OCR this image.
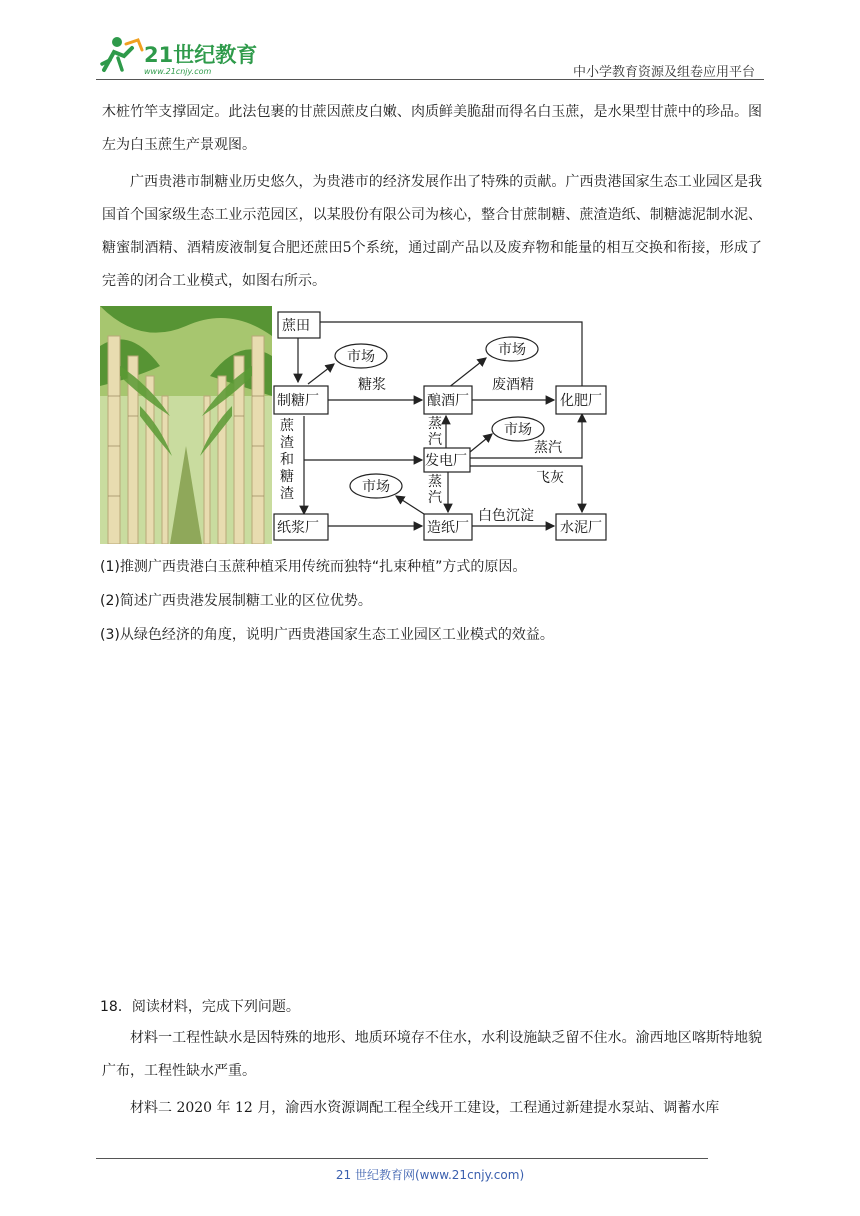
21世纪教育
www.21cnjy.com	中小学教育资源及组卷应用平台

木桩竹竿支撑固定。此法包裹的甘蔗因蔗皮白嫩、肉质鲜美脆甜而得名白玉蔗，是水果型甘蔗中的珍品。图左为白玉蔗生产景观图。

广西贵港市制糖业历史悠久，为贵港市的经济发展作出了特殊的贡献。广西贵港国家生态工业园区是我国首个国家级生态工业示范园区，以某股份有限公司为核心，整合甘蔗制糖、蔗渣造纸、制糖滤泥制水泥、糖蜜制酒精、酒精废液制复合肥还蔗田5个系统，通过副产品以及废弃物和能量的相互交换和衔接，形成了完善的闭合工业模式，如图右所示。

蔗田
制糖厂	酿酒厂	化肥厂
发电厂
纸浆厂	造纸厂	水泥厂
市场	市场
市场
市场
糖浆	废酒精
蒸汽
蒸
汽
蒸
汽
飞灰
白色沉淀
蔗
渣
和
糖
渣
(1)推测广西贵港白玉蔗种植采用传统而独特“扎束种植”方式的原因。
(2)简述广西贵港发展制糖工业的区位优势。
(3)从绿色经济的角度，说明广西贵港国家生态工业园区工业模式的效益。
18．阅读材料，完成下列问题。

材料一工程性缺水是因特殊的地形、地质环境存不住水，水利设施缺乏留不住水。渝西地区喀斯特地貌广布，工程性缺水严重。

材料二 2020 年 12 月，渝西水资源调配工程全线开工建设，工程通过新建提水泵站、调蓄水库

21 世纪教育网(www.21cnjy.com)
